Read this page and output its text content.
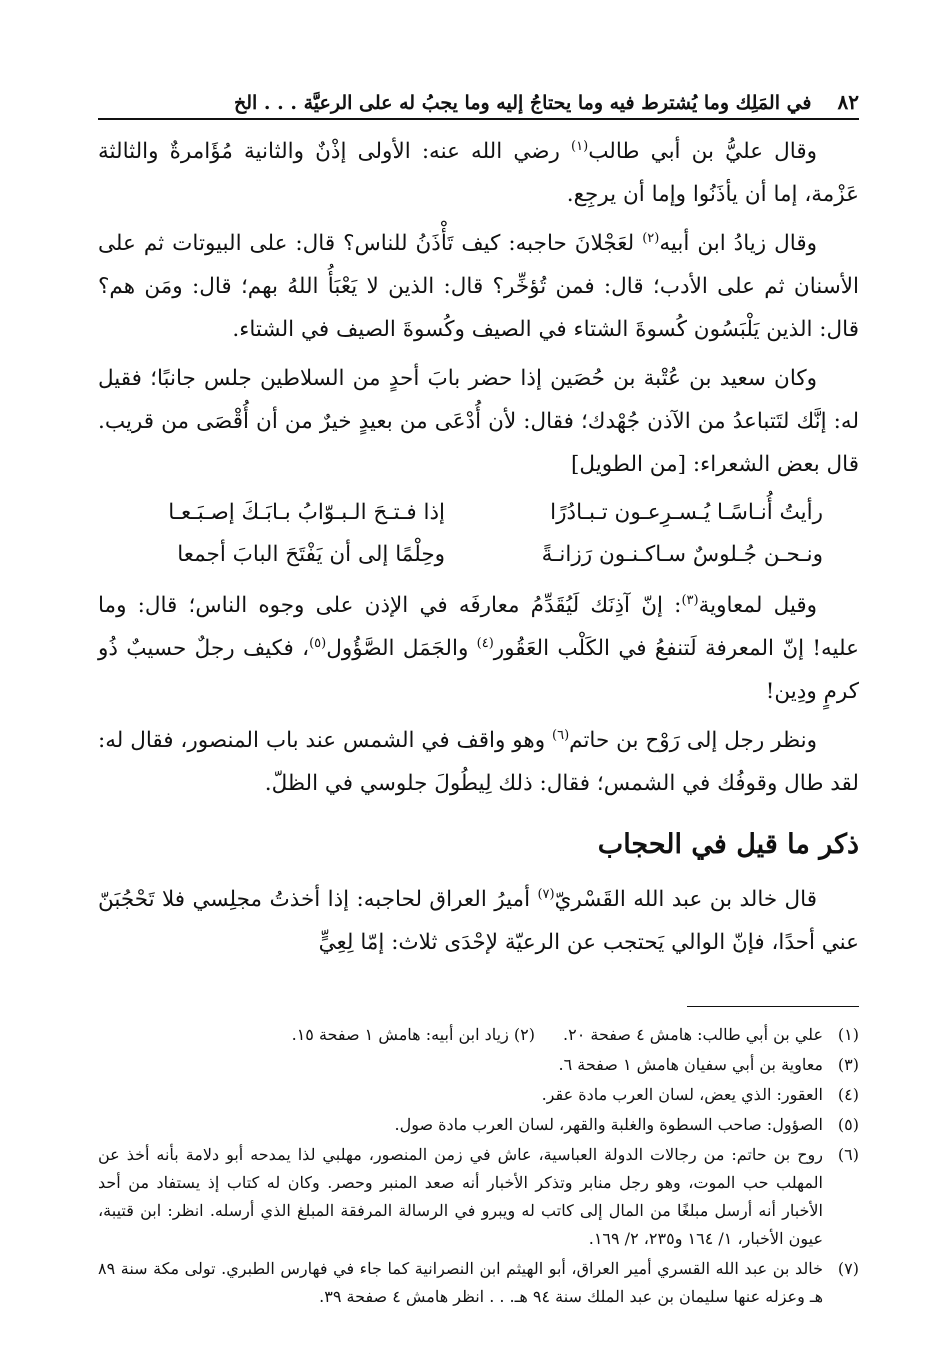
٨٢
في المَلِك وما يُشترط فيه وما يحتاجُ إليه وما يجبُ له على الرعيَّة . . . الخ

وقال عليُّ بن أبي طالب$^{(١)}$ رضي الله عنه: الأولى إذْنٌ والثانية مُؤَامرةٌ والثالثة عَزْمة، إما أن يأذَنُوا وإما أن يرجِع.

وقال زيادُ ابن أبيه$^{(٢)}$ لعَجْلانَ حاجبه: كيف تَأْذَنُ للناس؟ قال: على البيوتات ثم على الأسنان ثم على الأدب؛ قال: فمن تُؤخِّر؟ قال: الذين لا يَعْبَأُ اللهُ بهم؛ قال: ومَن هم؟ قال: الذين يَلْبَسُون كُسوةَ الشتاء في الصيف وكُسوةَ الصيف في الشتاء.

وكان سعيد بن عُتْبة بن حُصَين إذا حضر بابَ أحدٍ من السلاطين جلس جانبًا؛ فقيل له: إنَّك لتَتباعدُ من الآذن جُهْدك؛ فقال: لأن أُدْعَى من بعيدٍ خيرٌ من أن أُقْصَى من قريب. قال بعض الشعراء: [من الطويل]

رأيتُ أُنـاسًـا يُـسـرِعـون تـبـادُرًا
إذا فـتـحَ الـبـوّابُ بـابَـكَ إصـبَـعـا
ونـحـن جُـلوسٌ سـاكـنـون رَزانـةً
وحِلْمًا إلى أن يَفْتَحَ البابَ أجمعا

وقيل لمعاوية$^{(٣)}$: إنّ آذِنَك لَيُقَدِّمُ معارفَه في الإذن على وجوه الناس؛ قال: وما عليه! إنّ المعرفة لَتنفعُ في الكَلْب العَقُور$^{(٤)}$ والجَمَل الصَّؤُول$^{(٥)}$، فكيف رجلٌ حسيبٌ ذُو كرمٍ ودِين!

ونظر رجل إلى رَوْح بن حاتم$^{(٦)}$ وهو واقف في الشمس عند باب المنصور، فقال له: لقد طال وقوفُك في الشمس؛ فقال: ذلك لِيطُولَ جلوسي في الظلّ.

ذكر ما قيل في الحجاب

قال خالد بن عبد الله القَسْريّ$^{(٧)}$ أميرُ العراق لحاجبه: إذا أخذتُ مجلِسي فلا تَحْجُبَنّ عني أحدًا، فإنّ الوالي يَحتجب عن الرعيّة لإحْدَى ثلاث: إمّا لِعِيٍّ

(١)
علي بن أبي طالب: هامش ٤ صفحة ٢٠.(٢) زياد ابن أبيه: هامش ١ صفحة ١٥.
(٣)
معاوية بن أبي سفيان هامش ١ صفحة ٦.
(٤)
العقور: الذي يعض، لسان العرب مادة عقر.
(٥)
الصؤول: صاحب السطوة والغلبة والقهر، لسان العرب مادة صول.
(٦)
روح بن حاتم: من رجالات الدولة العباسية، عاش في زمن المنصور، مهلبي لذا يمدحه أبو دلامة بأنه أخذ عن المهلب حب الموت، وهو رجل منابر وتذكر الأخبار أنه صعد المنبر وحصر. وكان له كتاب إذ يستفاد من أحد الأخبار أنه أرسل مبلغًا من المال إلى كاتب له ويبرو في الرسالة المرفقة المبلغ الذي أرسله. انظر: ابن قتيبة، عيون الأخبار، ١/ ١٦٤ و٢٣٥، ٢/ ١٦٩.
(٧)
خالد بن عبد الله القسري أمير العراق، أبو الهيثم ابن النصرانية كما جاء في فهارس الطبري. تولى مكة سنة ٨٩ هـ وعزله عنها سليمان بن عبد الملك سنة ٩٤ هـ. . . انظر هامش ٤ صفحة ٣٩.
